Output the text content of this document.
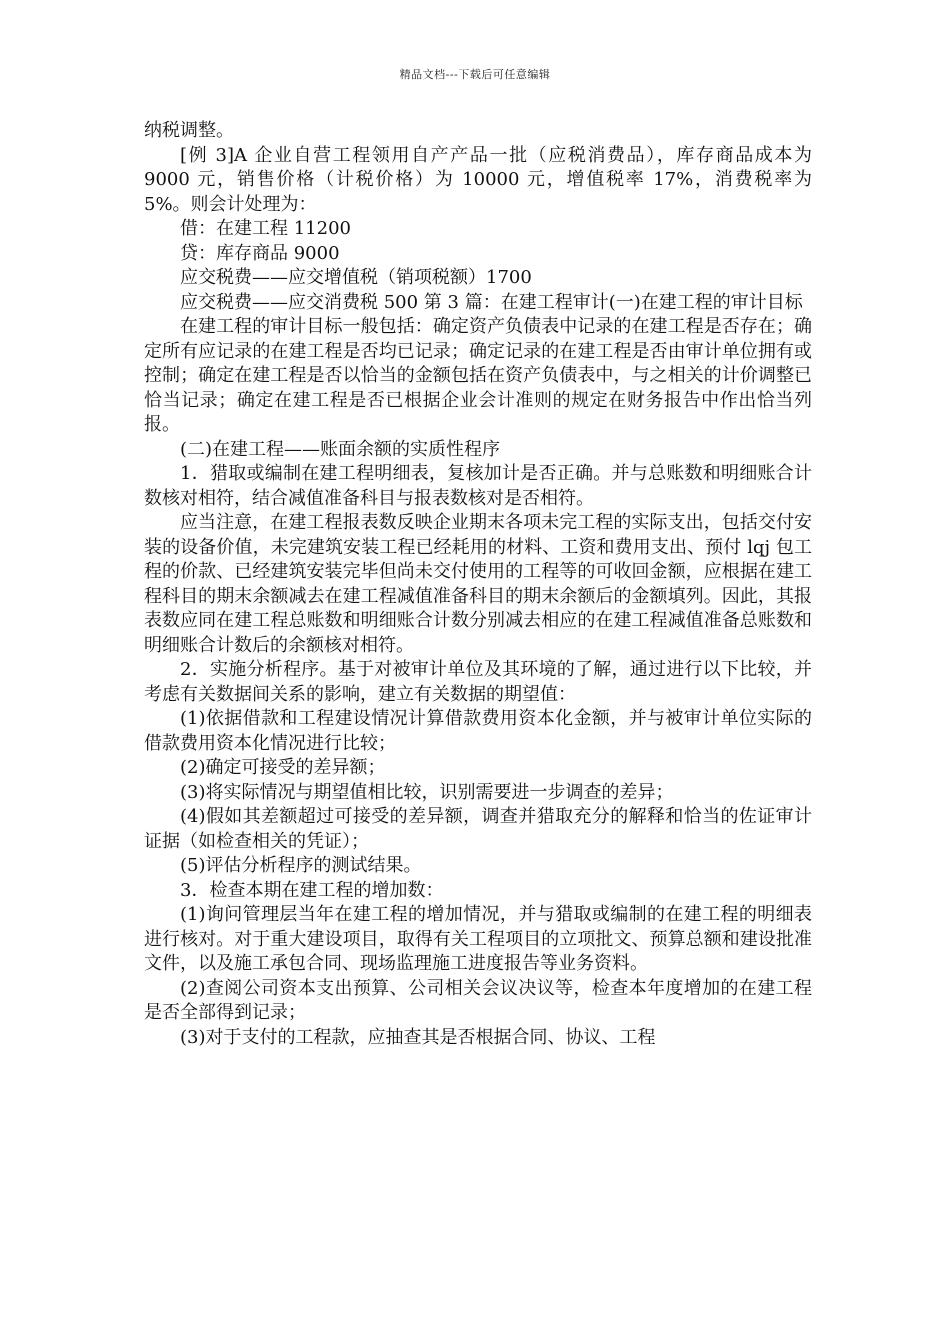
精品文档---下载后可任意编辑

纳税调整。

[例 3]A 企业自营工程领用自产产品一批（应税消费品），库存商品成本为 9000 元，销售价格（计税价格）为 10000 元，增值税率 17%，消费税率为 5%。则会计处理为：

借：在建工程 11200

贷：库存商品 9000

应交税费——应交增值税（销项税额）1700

应交税费——应交消费税 500 第 3 篇：在建工程审计(一)在建工程的审计目标

在建工程的审计目标一般包括：确定资产负债表中记录的在建工程是否存在；确定所有应记录的在建工程是否均已记录；确定记录的在建工程是否由审计单位拥有或控制；确定在建工程是否以恰当的金额包括在资产负债表中，与之相关的计价调整已恰当记录；确定在建工程是否已根据企业会计准则的规定在财务报告中作出恰当列报。

(二)在建工程——账面余额的实质性程序

1．猎取或编制在建工程明细表，复核加计是否正确。并与总账数和明细账合计数核对相符，结合减值准备科目与报表数核对是否相符。

应当注意，在建工程报表数反映企业期末各项未完工程的实际支出，包括交付安装的设备价值，未完建筑安装工程已经耗用的材料、工资和费用支出、预付 lqj 包工程的价款、已经建筑安装完毕但尚未交付使用的工程等的可收回金额，应根据在建工程科目的期末余额减去在建工程减值准备科目的期末余额后的金额填列。因此，其报表数应同在建工程总账数和明细账合计数分别减去相应的在建工程减值准备总账数和明细账合计数后的余额核对相符。

2．实施分析程序。基于对被审计单位及其环境的了解，通过进行以下比较，并考虑有关数据间关系的影响，建立有关数据的期望值：

(1)依据借款和工程建设情况计算借款费用资本化金额，并与被审计单位实际的借款费用资本化情况进行比较；

(2)确定可接受的差异额；

(3)将实际情况与期望值相比较，识别需要进一步调查的差异；

(4)假如其差额超过可接受的差异额，调查并猎取充分的解释和恰当的佐证审计证据（如检查相关的凭证）；

(5)评估分析程序的测试结果。

3．检查本期在建工程的增加数：

(1)询问管理层当年在建工程的增加情况，并与猎取或编制的在建工程的明细表进行核对。对于重大建设项目，取得有关工程项目的立项批文、预算总额和建设批准文件，以及施工承包合同、现场监理施工进度报告等业务资料。

(2)查阅公司资本支出预算、公司相关会议决议等，检查本年度增加的在建工程是否全部得到记录；

(3)对于支付的工程款，应抽查其是否根据合同、协议、工程
